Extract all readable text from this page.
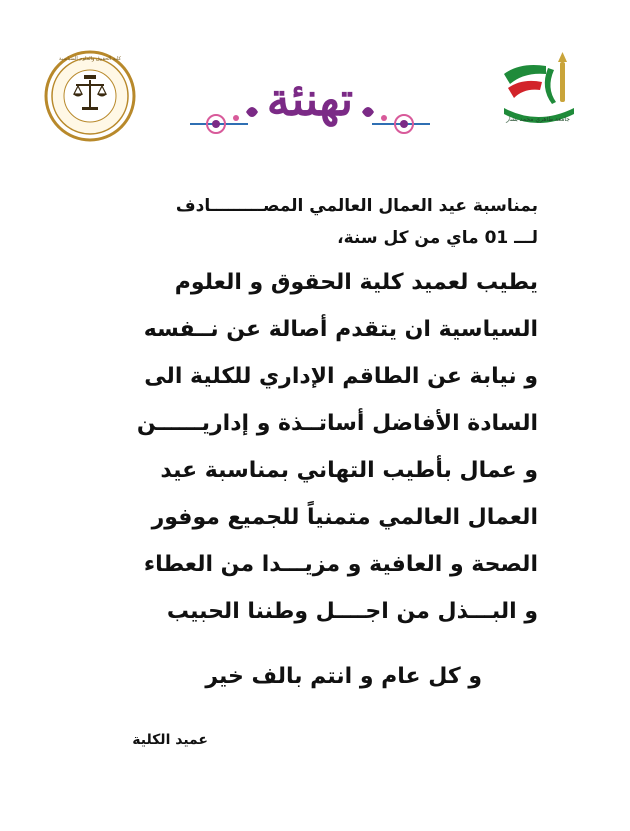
كلية الحقوق والعلوم السياسية
جامعة طاهري محمد بشار
تهنئة
بمناسبة عيد العمال العالمي المصـــــــــادف
لـــ 01 ماي من كل سنة،
يطيب لعميد كلية الحقوق و العلوم
السياسية ان يتقدم أصالة عن نــفسه
و نيابة عن الطاقم الإداري للكلية الى
السادة الأفاضل أساتــذة و إداريــــــن
و عمال بأطيب التهاني بمناسبة عيد
العمال العالمي متمنياً للجميع موفور
الصحة و العافية و مزيـــدا من العطاء
و البـــذل من اجــــل وطننا الحبيب
و كل عام و انتم بالف خير
عميد الكلية
